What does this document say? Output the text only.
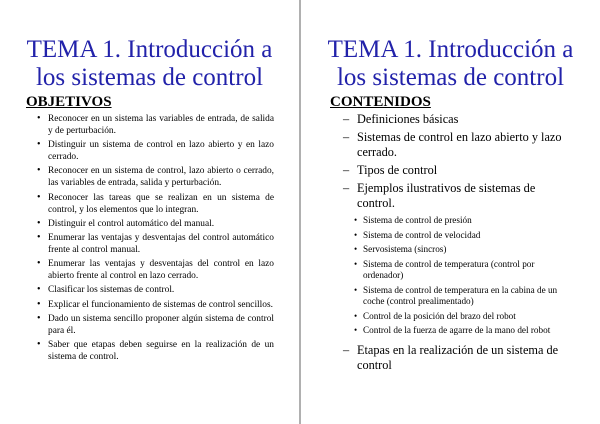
TEMA 1. Introducción a
los sistemas de control
OBJETIVOS
• Reconocer en un sistema las variables de entrada, de salida y de perturbación.
• Distinguir un sistema de control en lazo abierto y en lazo cerrado.
• Reconocer en un sistema de control, lazo abierto o cerrado, las variables de entrada, salida y perturbación.
• Reconocer las tareas que se realizan en un sistema de control, y los elementos que lo integran.
• Distinguir el control automático del manual.
• Enumerar las ventajas y desventajas del control automático frente al control manual.
• Enumerar las ventajas y desventajas del control en lazo abierto frente al control en lazo cerrado.
• Clasificar los sistemas de control.
• Explicar el funcionamiento de sistemas de control sencillos.
• Dado un sistema sencillo proponer algún sistema de control para él.
• Saber que etapas deben seguirse en la realización de un sistema de control.
TEMA 1. Introducción a
los sistemas de control
CONTENIDOS
– Definiciones básicas
– Sistemas de control en lazo abierto y lazo cerrado.
– Tipos de control
– Ejemplos ilustrativos de sistemas de control.
• Sistema de control de presión
• Sistema de control de velocidad
• Servosistema (sincros)
• Sistema de control de temperatura (control por ordenador)
• Sistema de control de temperatura en la cabina de un coche (control prealimentado)
• Control de la posición del brazo del robot
• Control de la fuerza de agarre de la mano del robot
– Etapas en la realización de un sistema de control
